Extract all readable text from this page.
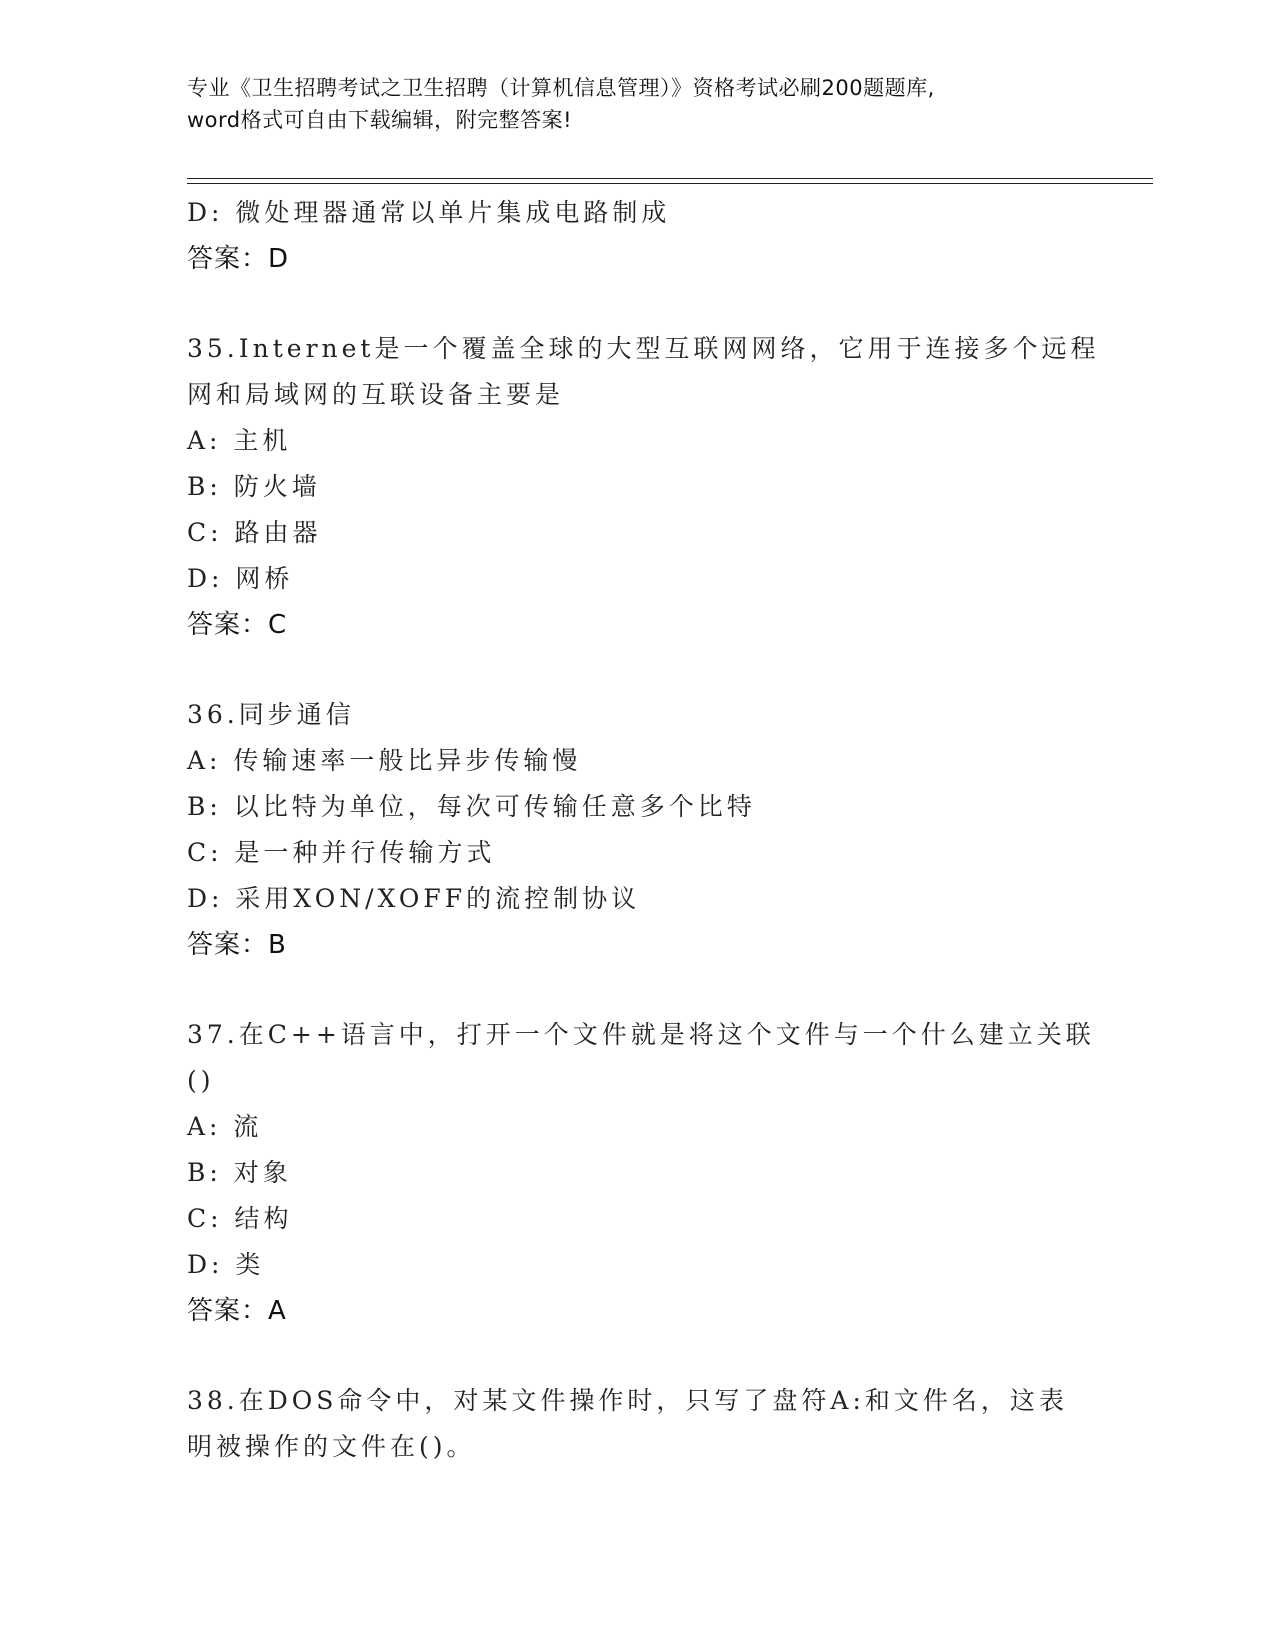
专业《卫生招聘考试之卫生招聘（计算机信息管理）》资格考试必刷200题题库,
word格式可自由下载编辑，附完整答案!
D: 微处理器通常以单片集成电路制成
答案：D
35.Internet是一个覆盖全球的大型互联网网络，它用于连接多个远程
网和局域网的互联设备主要是
A: 主机
B: 防火墙
C: 路由器
D: 网桥
答案：C
36.同步通信
A: 传输速率一般比异步传输慢
B: 以比特为单位，每次可传输任意多个比特
C: 是一种并行传输方式
D: 采用XON/XOFF的流控制协议
答案：B
37.在C++语言中，打开一个文件就是将这个文件与一个什么建立关联
()
A: 流
B: 对象
C: 结构
D: 类
答案：A
38.在DOS命令中，对某文件操作时，只写了盘符A:和文件名，这表
明被操作的文件在()。
